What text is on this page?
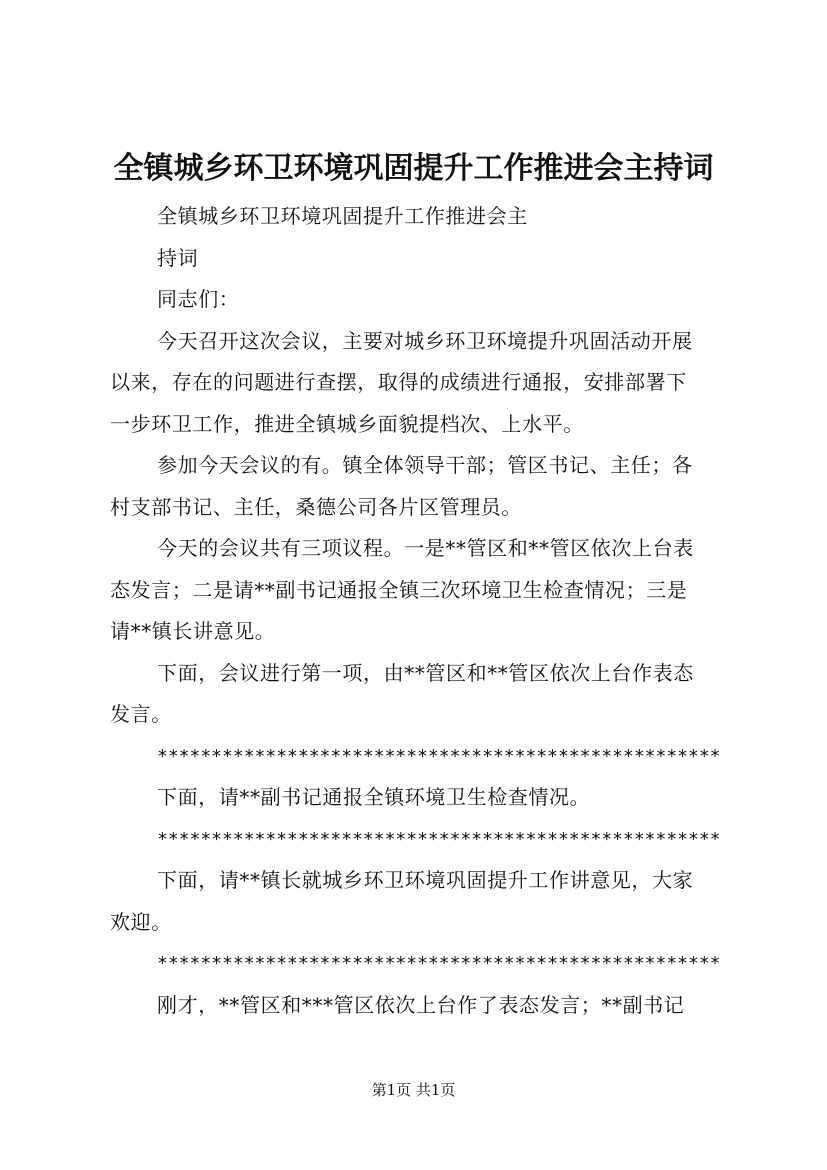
全镇城乡环卫环境巩固提升工作推进会主持词
全镇城乡环卫环境巩固提升工作推进会主
持词
同志们：
今天召开这次会议，主要对城乡环卫环境提升巩固活动开展
以来，存在的问题进行查摆，取得的成绩进行通报，安排部署下
一步环卫工作，推进全镇城乡面貌提档次、上水平。
参加今天会议的有。镇全体领导干部；管区书记、主任；各
村支部书记、主任，桑德公司各片区管理员。
今天的会议共有三项议程。一是**管区和**管区依次上台表
态发言；二是请**副书记通报全镇三次环境卫生检查情况；三是
请**镇长讲意见。
下面，会议进行第一项，由**管区和**管区依次上台作表态
发言。
****************************************************
下面，请**副书记通报全镇环境卫生检查情况。
****************************************************
下面，请**镇长就城乡环卫环境巩固提升工作讲意见，大家
欢迎。
****************************************************
刚才，**管区和***管区依次上台作了表态发言；**副书记
第1页 共1页
